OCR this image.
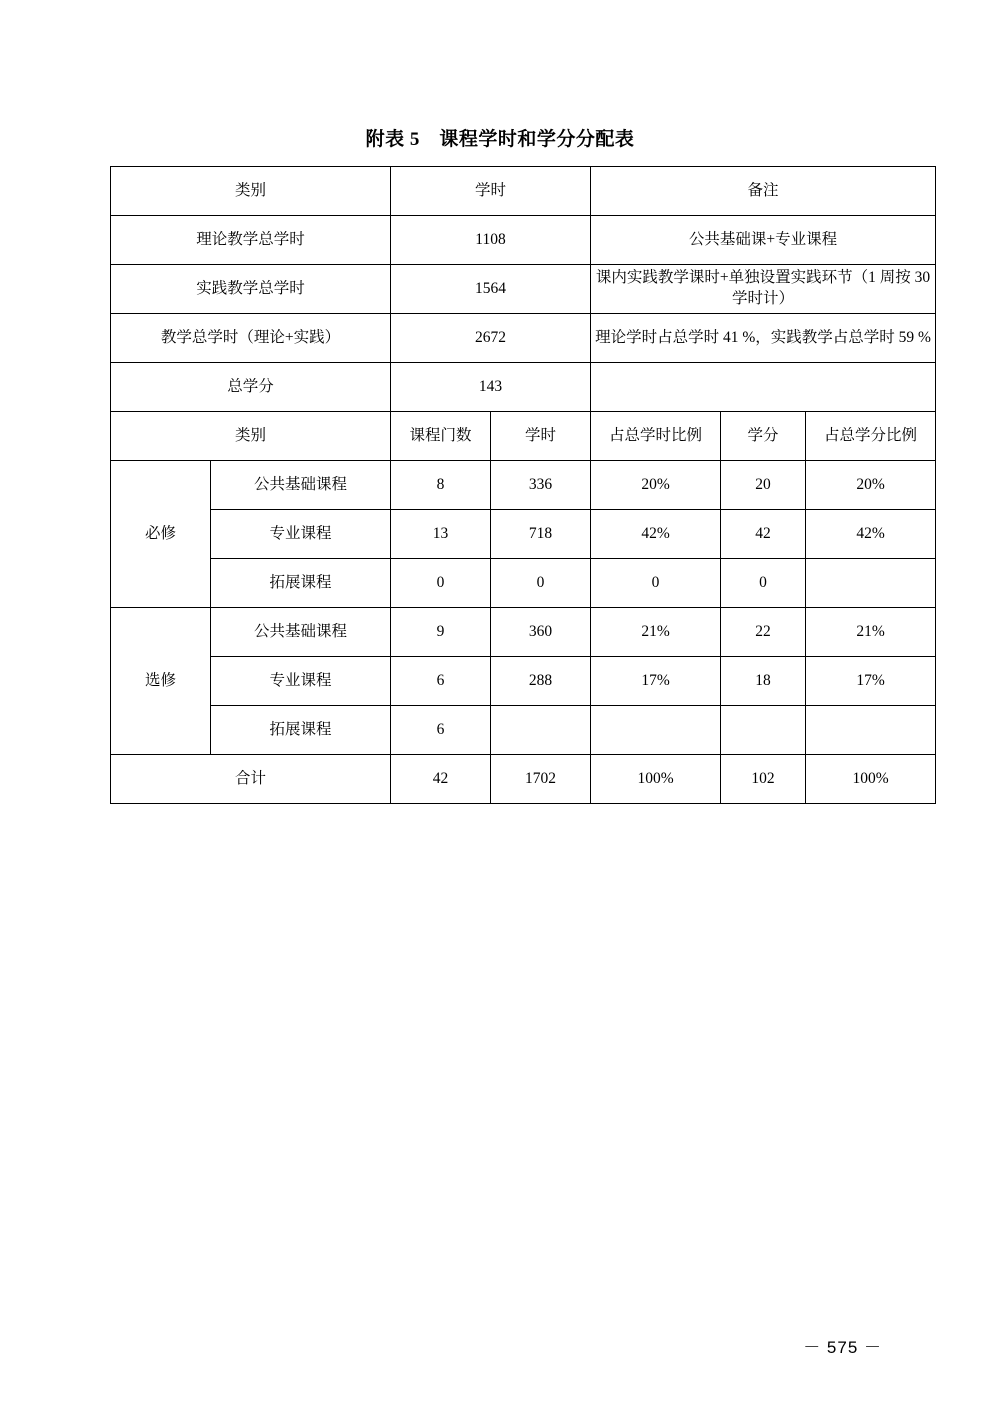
附表 5　课程学时和学分分配表
类别		学时		备注		
理论教学总学时		1108		公共基础课+专业课程		
实践教学总学时		1564		课内实践教学课时+单独设置实践环节（1 周按 30 学时计）		
教学总学时（理论+实践）		2672		理论学时占总学时 41 %，实践教学占总学时 59 %		
总学分		143				
类别		课程门数	学时	占总学时比例	学分	占总学分比例
必修	公共基础课程	8	336	20%	20	20%
	专业课程	13	718	42%	42	42%
	拓展课程	0	0	0	0	
选修	公共基础课程	9	360	21%	22	21%
	专业课程	6	288	17%	18	17%
	拓展课程	6				
合计		42	1702	100%	102	100%
－ 575 －
